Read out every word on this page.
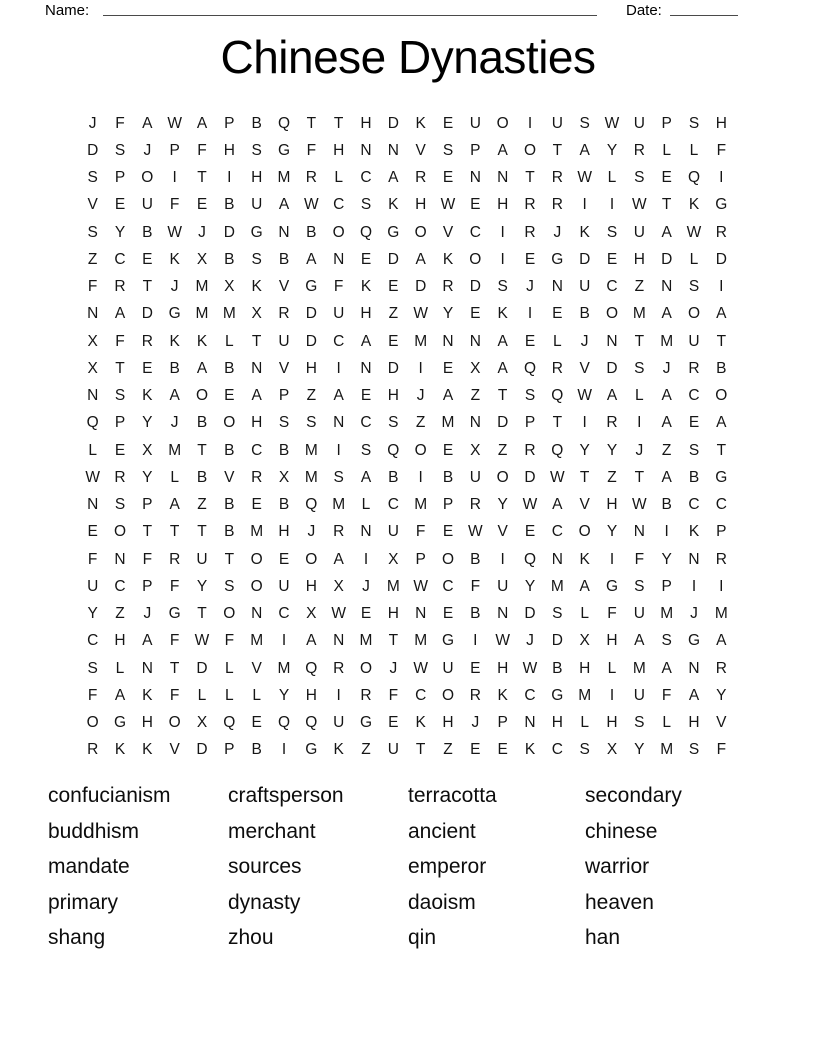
Name:	Date:
Chinese Dynasties
J	F	A W A	P	B	Q	T	T	H	D	K	E	U	O	I	U	S W U	P	S	H
D	S	J	P	F	H	S	G	F	H	N	N	V	S	P	A	O	T	A	Y	R	L	L	F
S	P	O	I	T	I	H M R	L	C	A	R	E	N	N	T	R W	L	S	E	Q	I
V	E	U	F	E	B	U	A W C	S	K	H W E	H	R	R	I	I	W T	K	G
S	Y	B W	J	D	G	N	B	O Q G O	V	C	I	R	J	K	S	U	A W R
Z	C	E	K	X	B	S	B	A	N	E	D	A	K	O	I	E	G	D	E	H	D	L	D
F	R	T	J	M	X	K	V	G	F	K	E	D	R	D	S	J	N	U	C	Z	N	S	I
N	A	D	G M M	X	R	D	U	H	Z W Y	E	K	I	E	B	O M	A	O	A
X	F	R	K	K	L	T	U	D	C	A	E	M N	N	A	E	L	J	N	T	M U	T
X	T	E	B	A	B	N	V	H	I	N	D	I	E	X	A	Q	R	V	D	S	J	R	B
N	S	K	A	O	E	A	P	Z	A	E	H	J	A	Z	T	S	Q W A	L	A	C	O
Q	P	Y	J	B	O	H	S	S	N	C	S	Z	M N	D	P	T	I	R	I	A	E	A
L	E	X	M	T	B	C	B	M	I	S	Q O	E	X	Z	R	Q	Y	Y	J	Z	S	T
W R	Y	L	B	V	R	X	M	S	A	B	I	B	U	O	D W T	Z	T	A	B	G
N	S	P	A	Z	B	E	B	Q M	L	C M	P	R	Y W A	V	H W B	C	C
E	O	T	T	T	B	M H	J	R	N	U	F	E W V	E	C	O	Y	N	I	K	P
F	N	F	R	U	T	O	E	O	A	I	X	P	O	B	I	Q	N	K	I	F	Y	N	R
U	C	P	F	Y	S	O	U	H	X	J	M W C	F	U	Y	M	A	G	S	P	I	I
Y	Z	J	G	T	O	N	C	X W E	H	N	E	B	N	D	S	L	F	U M	J	M
C	H	A	F W F	M	I	A	N M	T	M G	I	W	J	D	X	H	A	S	G	A
S	L	N	T	D	L	V	M Q	R	O	J	W U	E	H W B	H	L	M	A	N	R
F	A	K	F	L	L	L	Y	H	I	R	F	C	O	R	K	C	G M	I	U	F	A	Y
O G	H	O	X	Q	E	Q Q	U	G	E	K	H	J	P	N	H	L	H	S	L	H	V
R	K	K	V	D	P	B	I	G	K	Z	U	T	Z	E	E	K	C	S	X	Y	M	S	F
confucianism
buddhism
mandate
primary
shang
craftsperson
merchant
sources
dynasty
zhou
terracotta
ancient
emperor
daoism
qin
secondary
chinese
warrior
heaven
han
